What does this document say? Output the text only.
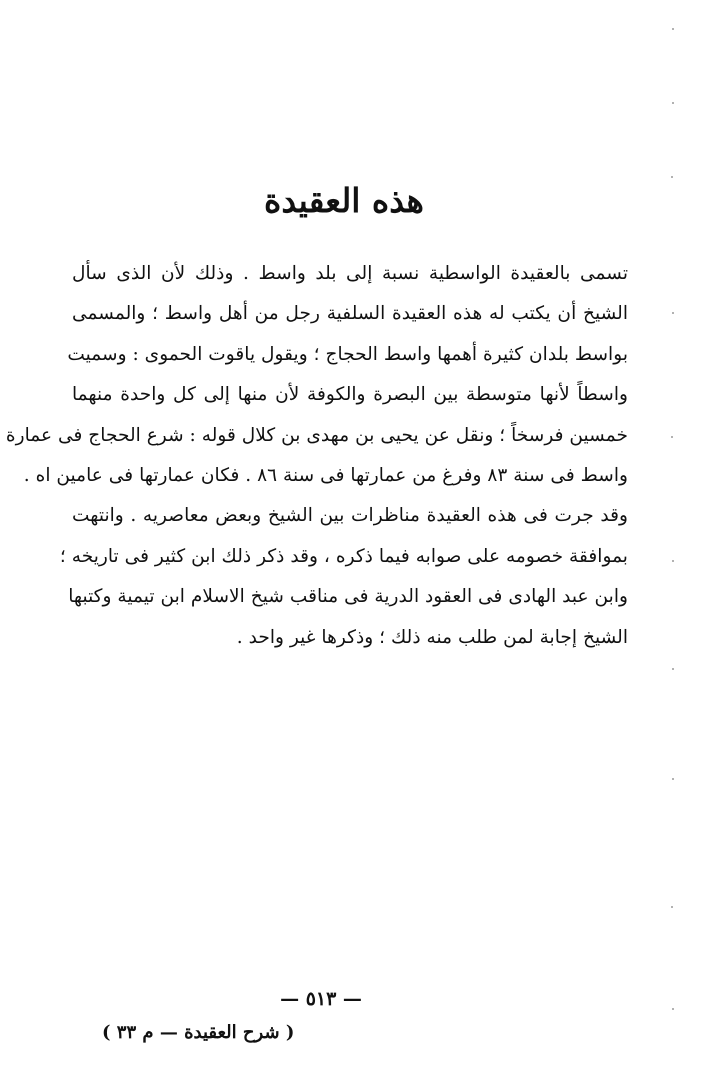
هذه العقيدة
تسمى بالعقيدة الواسطية نسبة إلى بلد واسط . وذلك لأن الذى سأل
الشيخ أن يكتب له هذه العقيدة السلفية رجل من أهل واسط ؛ والمسمى
بواسط بلدان كثيرة أهمها واسط الحجاج ؛ ويقول ياقوت الحموى : وسميت
واسطاً لأنها متوسطة بين البصرة والكوفة لأن منها إلى كل واحدة منهما
خمسين فرسخاً ؛ ونقل عن يحيى بن مهدى بن كلال قوله : شرع الحجاج فى عمارة
واسط فى سنة ٨٣ وفرغ من عمارتها فى سنة ٨٦ . فكان عمارتها فى عامين اه .
وقد جرت فى هذه العقيدة مناظرات بين الشيخ وبعض معاصريه . وانتهت
بموافقة خصومه على صوابه فيما ذكره ، وقد ذكر ذلك ابن كثير فى تاريخه ؛
وابن عبد الهادى فى العقود الدرية فى مناقب شيخ الاسلام ابن تيمية وكتبها
الشيخ إجابة لمن طلب منه ذلك ؛ وذكرها غير واحد .
— ٥١٣ —
( شرح العقيدة — م ٣٣ )
